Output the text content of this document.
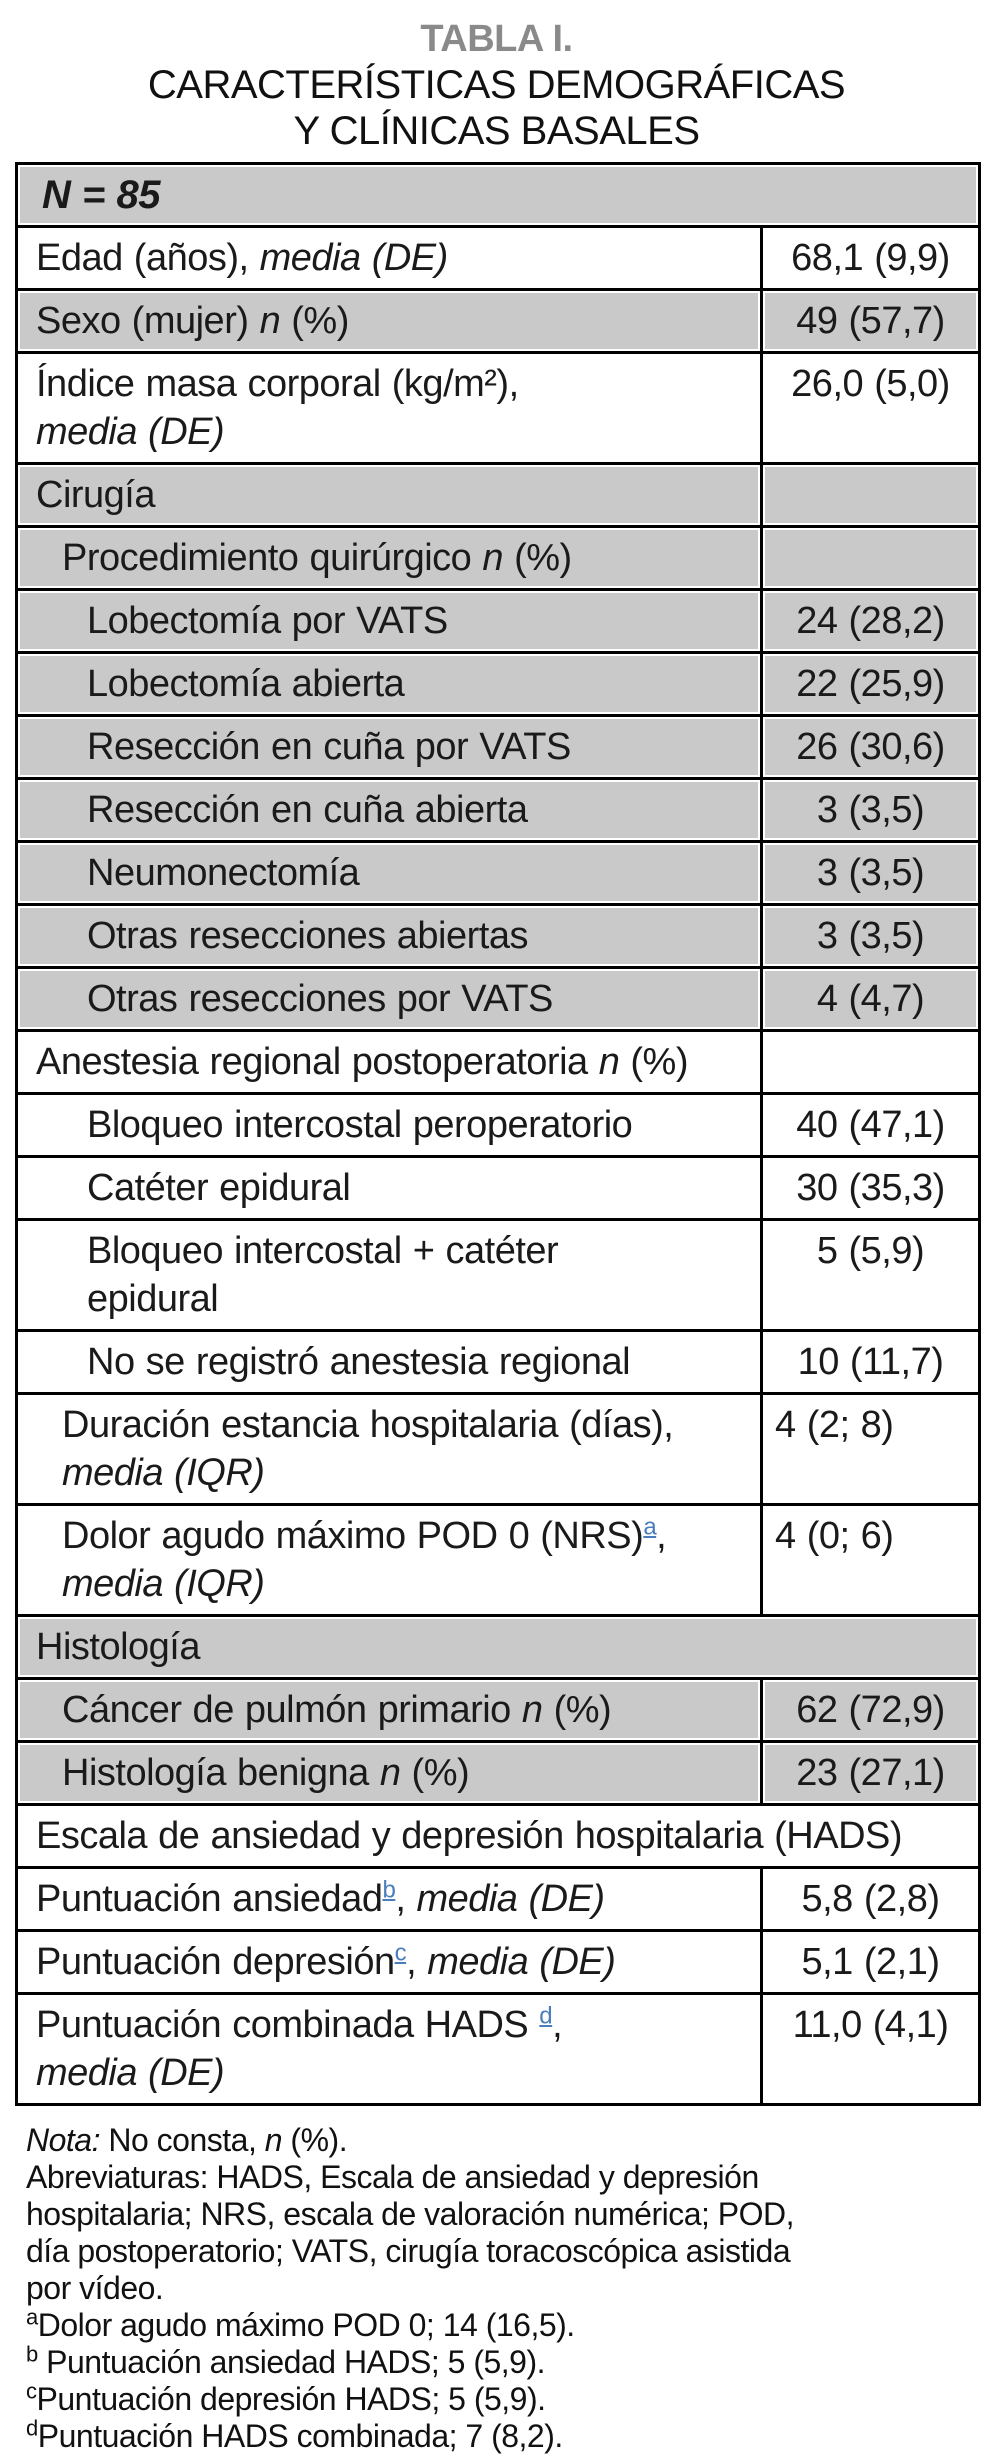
TABLA I.
CARACTERÍSTICAS DEMOGRÁFICAS
Y CLÍNICAS BASALES
N = 85	
Edad (años), media (DE)	68,1 (9,9)
Sexo (mujer) n (%)	49 (57,7)
Índice masa corporal (kg/m²),
media (DE)	26,0 (5,0)
Cirugía	
Procedimiento quirúrgico n (%)	
Lobectomía por VATS	24 (28,2)
Lobectomía abierta	22 (25,9)
Resección en cuña por VATS	26 (30,6)
Resección en cuña abierta	3 (3,5)
Neumonectomía	3 (3,5)
Otras resecciones abiertas	3 (3,5)
Otras resecciones por VATS	4 (4,7)
Anestesia regional postoperatoria n (%)	
Bloqueo intercostal peroperatorio	40 (47,1)
Catéter epidural	30 (35,3)
Bloqueo intercostal + catéter
epidural	5 (5,9)
No se registró anestesia regional	10 (11,7)
Duración estancia hospitalaria (días),
media (IQR)	4 (2; 8)
Dolor agudo máximo POD 0 (NRS)$^a$,
media (IQR)	4 (0; 6)
Histología	
Cáncer de pulmón primario n (%)	62 (72,9)
Histología benigna n (%)	23 (27,1)
Escala de ansiedad y depresión hospitalaria (HADS)	
Puntuación ansiedad$^b$, media (DE)	5,8 (2,8)
Puntuación depresión$^c$, media (DE)	5,1 (2,1)
Puntuación combinada HADS $^d$,
media (DE)	11,0 (4,1)
Nota: No consta, n (%).
Abreviaturas: HADS, Escala de ansiedad y depresión
hospitalaria; NRS, escala de valoración numérica; POD,
día postoperatorio; VATS, cirugía toracoscópica asistida
por vídeo.
$^a$Dolor agudo máximo POD 0; 14 (16,5).
$^b$ Puntuación ansiedad HADS; 5 (5,9).
$^c$Puntuación depresión HADS; 5 (5,9).
$^d$Puntuación HADS combinada; 7 (8,2).
